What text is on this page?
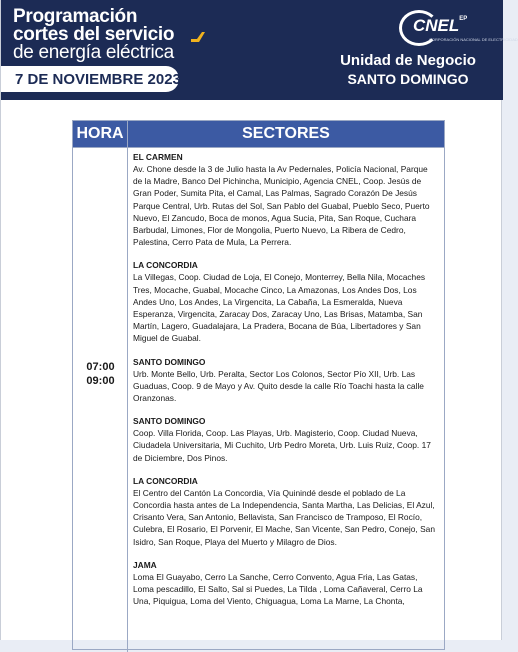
Programación
cortes del servicio
de energía eléctrica
7 DE NOVIEMBRE 2023
$CNEL^{EP}$
CORPORACIÓN NACIONAL DE ELECTRICIDAD
Unidad de Negocio
SANTO DOMINGO
HORA	SECTORES
07:00
09:00
EL CARMEN
Av. Chone desde la 3 de Julio hasta la Av Pedernales, Policía Nacional, Parque de la Madre, Banco Del Pichincha, Municipio, Agencia CNEL, Coop. Jesús de Gran Poder, Sumita Pita, el Camal, Las Palmas, Sagrado Corazón De Jesús Parque Central, Urb. Rutas del Sol, San Pablo del Guabal, Pueblo Seco, Puerto Nuevo, El Zancudo, Boca de monos, Agua Sucia, Pita, San Roque, Cuchara Barbudal, Limones, Flor de Mongolia, Puerto Nuevo, La Ribera de Cedro, Palestina, Cerro Pata de Mula, La Perrera.
LA CONCORDIA
La Villegas, Coop. Ciudad de Loja, El Conejo, Monterrey, Bella Nila, Mocaches Tres, Mocache, Guabal, Mocache Cinco, La Amazonas, Los Andes Dos, Los Andes Uno, Los Andes, La Virgencita, La Cabaña, La Esmeralda, Nueva Esperanza, Virgencita, Zaracay Dos, Zaracay Uno, Las Brisas, Matamba, San Martín, Lagero, Guadalajara, La Pradera, Bocana de Búa, Libertadores y San Miguel de Guabal.
SANTO DOMINGO
Urb. Monte Bello, Urb. Peralta, Sector Los Colonos, Sector Pío XII, Urb. Las Guaduas, Coop. 9 de Mayo y Av. Quito desde la calle Río Toachi hasta la calle Oranzonas.
SANTO DOMINGO
Coop. Villa Florida, Coop. Las Playas, Urb. Magisterio, Coop. Ciudad Nueva, Ciudadela Universitaria, Mi Cuchito, Urb Pedro Moreta, Urb. Luis Ruiz, Coop. 17 de Diciembre, Dos Pinos.
LA CONCORDIA
El Centro del Cantón La Concordia, Vía Quinindé desde el poblado de La Concordia hasta antes de La Independencia, Santa Martha, Las Delicias, El Azul, Crisanto Vera, San Antonio, Bellavista, San Francisco de Tramposo, El Rocío, Culebra, El Rosario, El Porvenir, El Mache, San Vicente, San Pedro, Conejo, San Isidro, San Roque, Playa del Muerto y Milagro de Dios.
JAMA
Loma El Guayabo, Cerro La Sanche, Cerro Convento, Agua Fria, Las Gatas, Loma pescadillo, El Salto, Sal si Puedes, La Tilda , Loma Cañaveral, Cerro La Una, Piquigua, Loma del Viento, Chiguagua, Loma La Marne, La Chonta,
